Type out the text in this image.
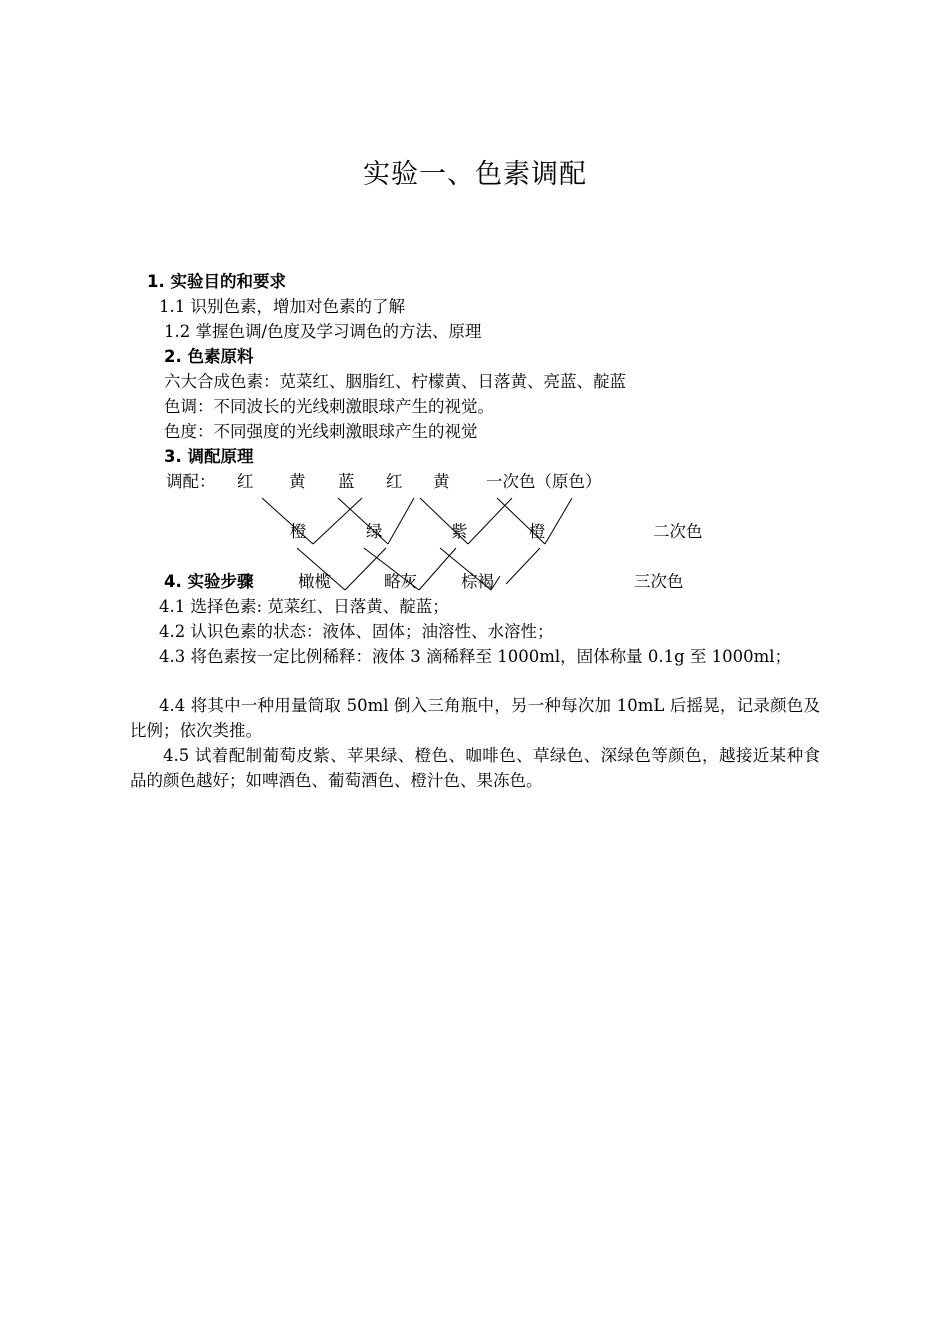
实验一、色素调配
1. 实验目的和要求
1.1 识别色素，增加对色素的了解
1.2 掌握色调/色度及学习调色的方法、原理
2. 色素原料
六大合成色素：苋菜红、胭脂红、柠檬黄、日落黄、亮蓝、靛蓝
色调：不同波长的光线刺激眼球产生的视觉。
色度：不同强度的光线刺激眼球产生的视觉
3. 调配原理
调配： 红 黄 蓝 红 黄 一次色（原色）
橙	绿	紫	橙	二次色
4. 实验步骤	橄榄	略灰	棕褐	三次色
4.1 选择色素: 苋菜红、日落黄、靛蓝；
4.2 认识色素的状态：液体、固体；油溶性、水溶性；
4.3 将色素按一定比例稀释：液体 3 滴稀释至 1000ml，固体称量 0.1g 至 1000ml；
4.4 将其中一种用量筒取 50ml 倒入三角瓶中，另一种每次加 10mL 后摇晃，记录颜色及比例；依次类推。
4.5 试着配制葡萄皮紫、苹果绿、橙色、咖啡色、草绿色、深绿色等颜色，越接近某种食品的颜色越好；如啤酒色、葡萄酒色、橙汁色、果冻色。
